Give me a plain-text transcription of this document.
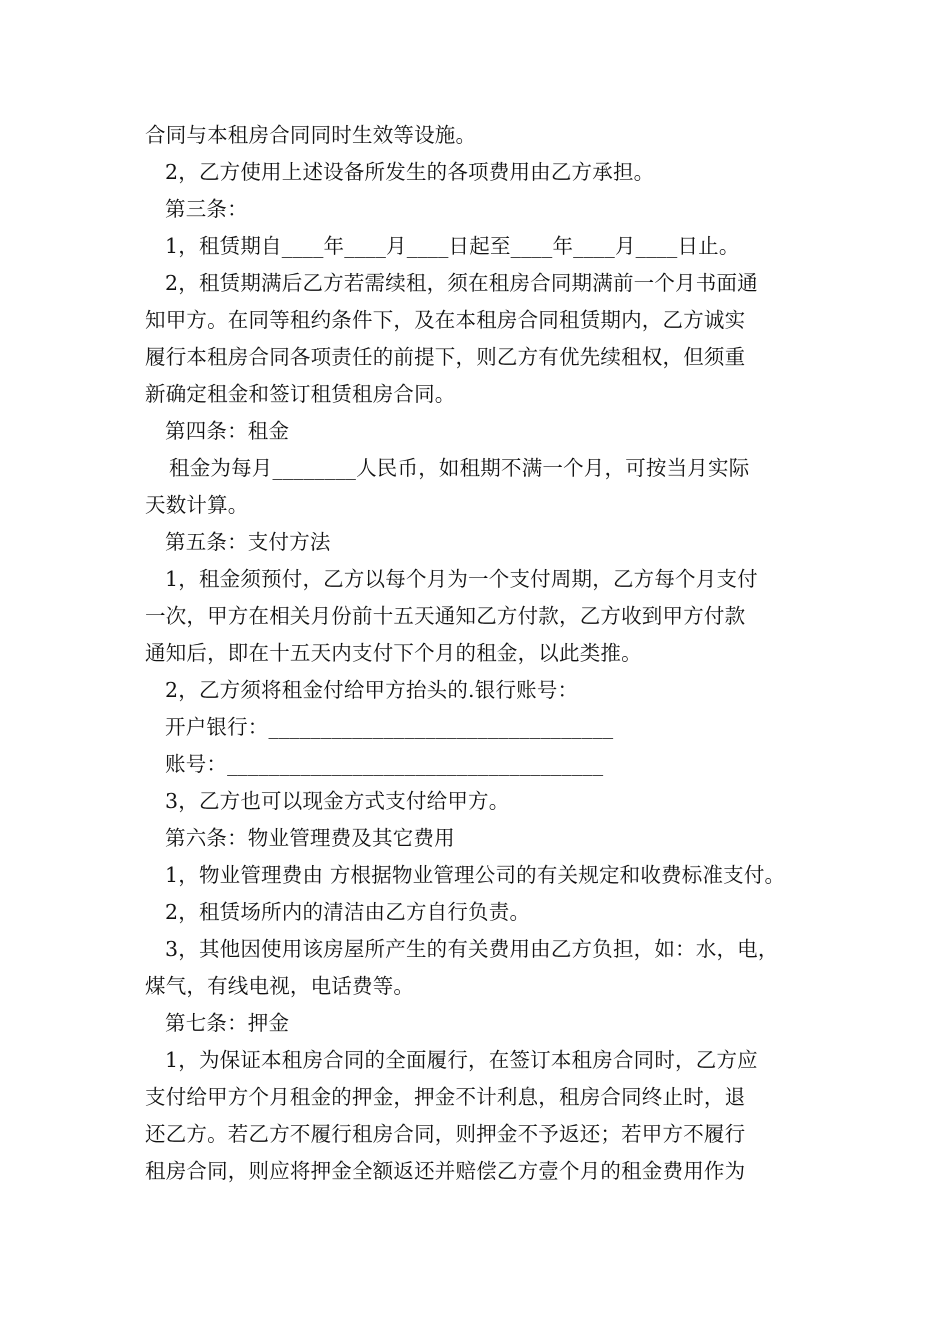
合同与本租房合同同时生效等设施。
2，乙方使用上述设备所发生的各项费用由乙方承担。
第三条：
1，租赁期自____年____月____日起至____年____月____日止。
2，租赁期满后乙方若需续租，须在租房合同期满前一个月书面通
知甲方。在同等租约条件下，及在本租房合同租赁期内，乙方诚实
履行本租房合同各项责任的前提下，则乙方有优先续租权，但须重
新确定租金和签订租赁租房合同。
第四条：租金
租金为每月________人民币，如租期不满一个月，可按当月实际
天数计算。
第五条：支付方法
1，租金须预付，乙方以每个月为一个支付周期，乙方每个月支付
一次，甲方在相关月份前十五天通知乙方付款，乙方收到甲方付款
通知后，即在十五天内支付下个月的租金，以此类推。
2，乙方须将租金付给甲方抬头的.银行账号：
开户银行：_________________________________
账号：____________________________________
3，乙方也可以现金方式支付给甲方。
第六条：物业管理费及其它费用
1，物业管理费由 方根据物业管理公司的有关规定和收费标准支付。
2，租赁场所内的清洁由乙方自行负责。
3，其他因使用该房屋所产生的有关费用由乙方负担，如：水，电，
煤气，有线电视，电话费等。
第七条：押金
1，为保证本租房合同的全面履行，在签订本租房合同时，乙方应
支付给甲方个月租金的押金，押金不计利息，租房合同终止时，退
还乙方。若乙方不履行租房合同，则押金不予返还；若甲方不履行
租房合同，则应将押金全额返还并赔偿乙方壹个月的租金费用作为
